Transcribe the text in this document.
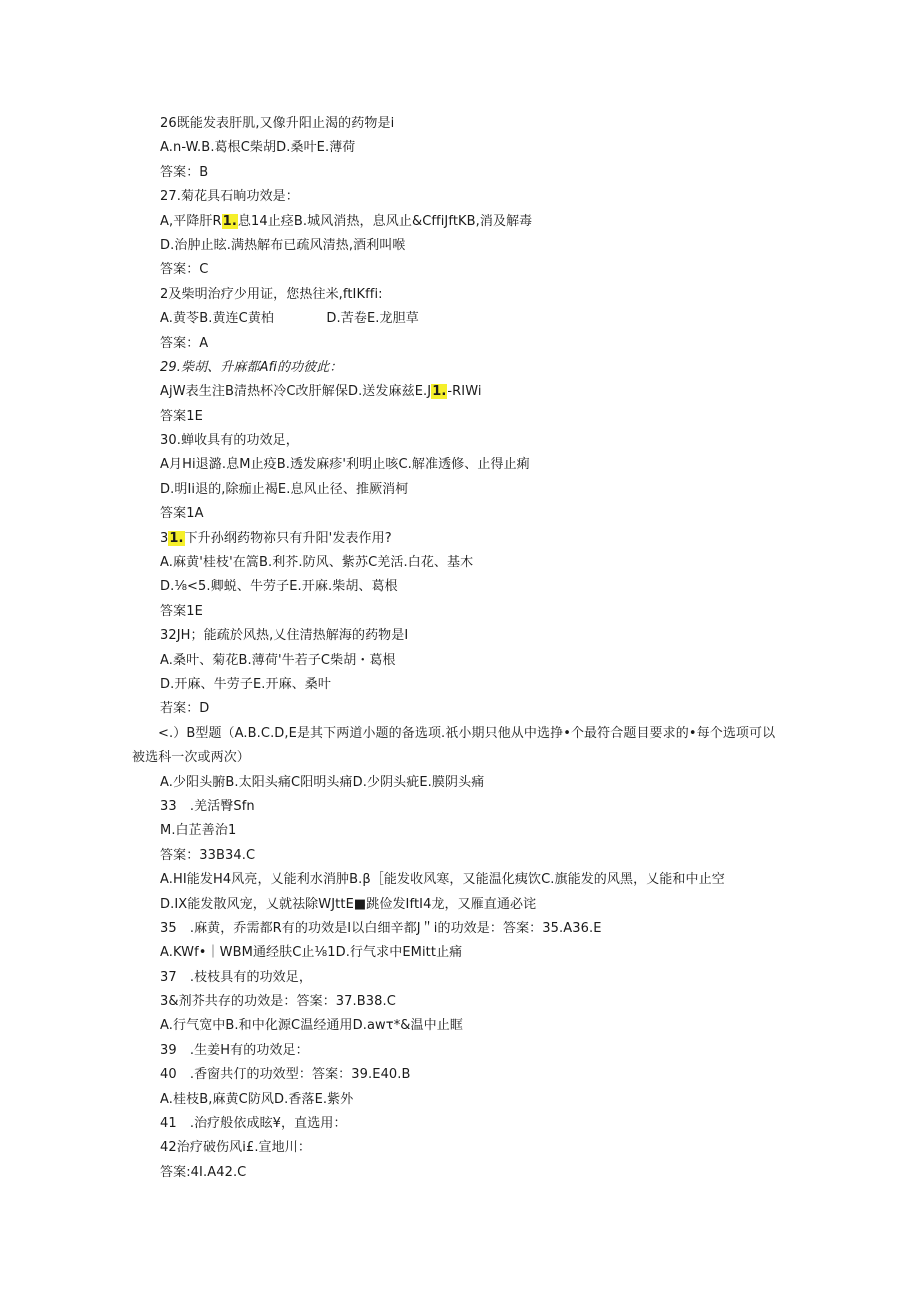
26既能发表肝肌,又像升阳止渴的药物是i
A.n-W.B.葛根C柴胡D.桑叶E.薄荷
答案：B
27.菊花具石晌功效是：
A,平降肝R1.息14止痉B.城风消热，息风止&CffiJftKB,消及解毒
D.治肿止眩.满热解布已疏风清热,酒利叫喉
答案：C
2及柴明治疗少用证，您热往米,ftIKffi:
A.黄苓B.黄连C黄柏　　　　D.苦卷E.龙胆草
答案：A
29.柴胡、升麻都Afi的功彼此：
AjW表生注B清热杯冷C改肝解保D.送发麻兹E.J1.-RIWi
答案1E
30.蝉收具有的功效足，
A月Hi退潞.息M止疫B.透发麻疹'利明止咳C.解准透修、止得止痢
D.明Ii退的,除痂止褐E.息风止径、推厥消柯
答案1A
31.下升孙纲药物祢只有升阳'发表作用?
A.麻黄'桂枝'在篙B.利芥.防风、紫苏C羌活.白花、基木
D.⅛<5.卿蜕、牛劳子E.开麻.柴胡、葛根
答案1E
32JH；能疏於风热,乂住清热解海的药物是I
A.桑叶、菊花B.薄荷'牛若子C柴胡・葛根
D.开麻、牛劳子E.开麻、桑叶
若案：D
<.）B型题（A.B.C.D,E是其下两道小题的备选项.祇小期只他从中选挣•个最符合题目要求的•每个选项可以
被选科一次或两次）
A.少阳头腑B.太阳头痛C阳明头痛D.少阴头疵E.膜阴头痛
33　.羌活臀Sfn
M.白芷善治1
答案：33B34.C
A.HI能发H4风亮，乂能利水消肿B.β［能发收风寒，又能温化痍饮C.旗能发的风黑，乂能和中止空
D.IX能发散风宠，乂就祛除WJttE■跳俭发IftI4龙，又雁直通必诧
35　.麻黄，乔需都R有的功效是I以白细辛都J＂i的功效是：答案：35.A36.E
A.KWf•｜WBM通经肤C止⅛1D.行气求中EMitt止痛
37　.枝枝具有的功效足，
3&剂芥共存的功效是：答案：37.B38.C
A.行气宽中B.和中化源C温经通用D.awτ*&温中止眶
39　.生姜H有的功效足：
40　.香窗共仃的功效型：答案：39.E40.B
A.桂枝B,麻黄C防风D.香落E.紫外
41　.治疗般依成眩¥，直选用：
42治疗破伤风i£.宣地川：
答案:4I.A42.C
